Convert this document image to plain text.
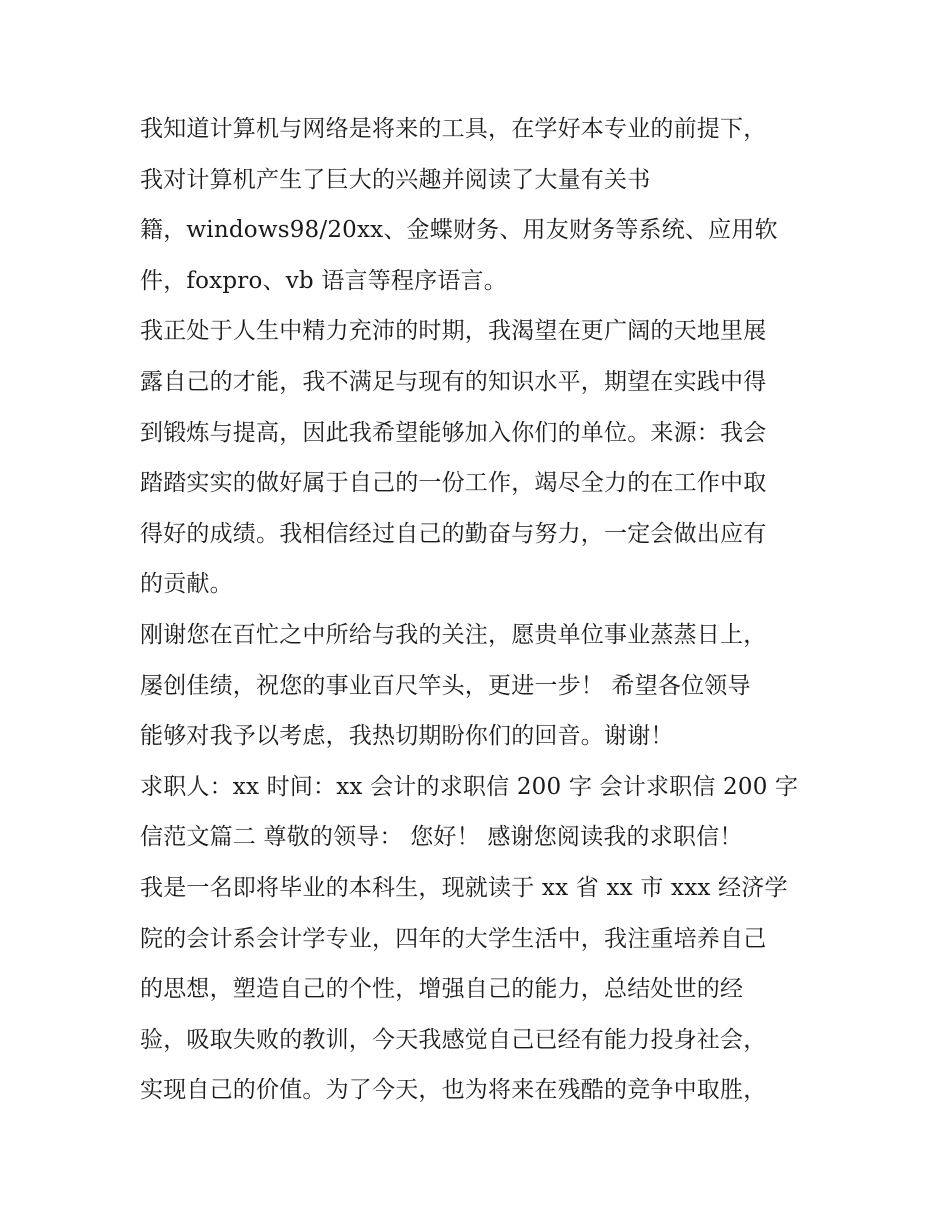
我知道计算机与网络是将来的工具，在学好本专业的前提下，
我对计算机产生了巨大的兴趣并阅读了大量有关书
籍，windows98/20xx、金蝶财务、用友财务等系统、应用软
件，foxpro、vb 语言等程序语言。
我正处于人生中精力充沛的时期，我渴望在更广阔的天地里展
露自己的才能，我不满足与现有的知识水平，期望在实践中得
到锻炼与提高，因此我希望能够加入你们的单位。来源：我会
踏踏实实的做好属于自己的一份工作，竭尽全力的在工作中取
得好的成绩。我相信经过自己的勤奋与努力，一定会做出应有
的贡献。
刚谢您在百忙之中所给与我的关注，愿贵单位事业蒸蒸日上，
屡创佳绩，祝您的事业百尺竿头，更进一步！ 希望各位领导
能够对我予以考虑，我热切期盼你们的回音。谢谢！
求职人：xx 时间：xx 会计的求职信 200 字 会计求职信 200 字
信范文篇二 尊敬的领导： 您好！ 感谢您阅读我的求职信！
我是一名即将毕业的本科生，现就读于 xx 省 xx 市 xxx 经济学
院的会计系会计学专业，四年的大学生活中，我注重培养自己
的思想，塑造自己的个性，增强自己的能力，总结处世的经
验，吸取失败的教训，今天我感觉自己已经有能力投身社会，
实现自己的价值。为了今天，也为将来在残酷的竞争中取胜，
